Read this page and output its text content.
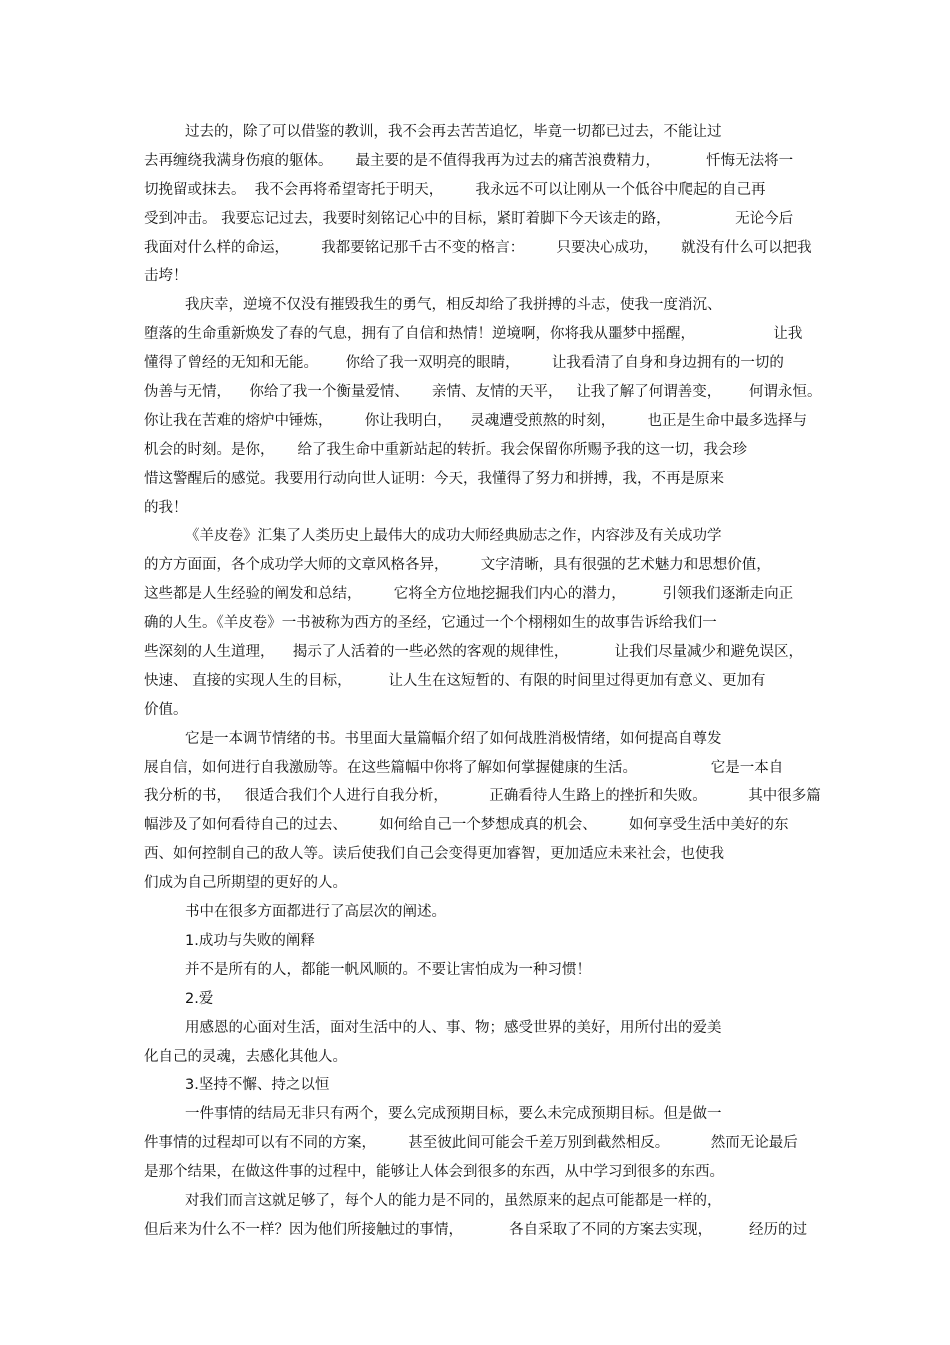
过去的，除了可以借鉴的教训，我不会再去苦苦追忆，毕竟一切都已过去，不能让过
去再缠绕我满身伤痕的躯体。     最主要的是不值得我再为过去的痛苦浪费精力，          忏悔无法将一
切挽留或抹去。  我不会再将希望寄托于明天，       我永远不可以让刚从一个低谷中爬起的自己再
受到冲击。 我要忘记过去，我要时刻铭记心中的目标，紧盯着脚下今天该走的路，              无论今后
我面对什么样的命运，       我都要铭记那千古不变的格言：       只要决心成功，     就没有什么可以把我
击垮！
我庆幸，逆境不仅没有摧毁我生的勇气，相反却给了我拼搏的斗志，使我一度消沉、
堕落的生命重新焕发了春的气息，拥有了自信和热情！逆境啊，你将我从噩梦中摇醒，                 让我
懂得了曾经的无知和无能。      你给了我一双明亮的眼睛，       让我看清了自身和身边拥有的一切的
伪善与无情，    你给了我一个衡量爱情、     亲情、友情的天平，   让我了解了何谓善变，      何谓永恒。
你让我在苦难的熔炉中锤炼，       你让我明白，    灵魂遭受煎熬的时刻，       也正是生命中最多选择与
机会的时刻。是你，     给了我生命中重新站起的转折。我会保留你所赐予我的这一切，我会珍
惜这警醒后的感觉。我要用行动向世人证明：今天，我懂得了努力和拼搏，我，不再是原来
的我！
《羊皮卷》汇集了人类历史上最伟大的成功大师经典励志之作，内容涉及有关成功学
的方方面面，各个成功学大师的文章风格各异，       文字清晰，具有很强的艺术魅力和思想价值，
这些都是人生经验的阐发和总结，       它将全方位地挖掘我们内心的潜力，        引领我们逐渐走向正
确的人生。《羊皮卷》一书被称为西方的圣经，它通过一个个栩栩如生的故事告诉给我们一
些深刻的人生道理，    揭示了人活着的一些必然的客观的规律性，          让我们尽量减少和避免误区，
快速、 直接的实现人生的目标，        让人生在这短暂的、有限的时间里过得更加有意义、更加有
价值。
它是一本调节情绪的书。书里面大量篇幅介绍了如何战胜消极情绪，如何提高自尊发
展自信，如何进行自我激励等。在这些篇幅中你将了解如何掌握健康的生活。                它是一本自
我分析的书，   很适合我们个人进行自我分析，         正确看待人生路上的挫折和失败。         其中很多篇
幅涉及了如何看待自己的过去、       如何给自己一个梦想成真的机会、       如何享受生活中美好的东
西、如何控制自己的敌人等。读后使我们自己会变得更加睿智，更加适应未来社会，也使我
们成为自己所期望的更好的人。
书中在很多方面都进行了高层次的阐述。
1.成功与失败的阐释
并不是所有的人，都能一帆风顺的。不要让害怕成为一种习惯！
2.爱
用感恩的心面对生活，面对生活中的人、事、物；感受世界的美好，用所付出的爱美
化自己的灵魂，去感化其他人。
3.坚持不懈、持之以恒
一件事情的结局无非只有两个，要么完成预期目标，要么未完成预期目标。但是做一
件事情的过程却可以有不同的方案，       甚至彼此间可能会千差万别到截然相反。         然而无论最后
是那个结果，在做这件事的过程中，能够让人体会到很多的东西，从中学习到很多的东西。
对我们而言这就足够了，每个人的能力是不同的，虽然原来的起点可能都是一样的，
但后来为什么不一样？因为他们所接触过的事情，          各自采取了不同的方案去实现，        经历的过
